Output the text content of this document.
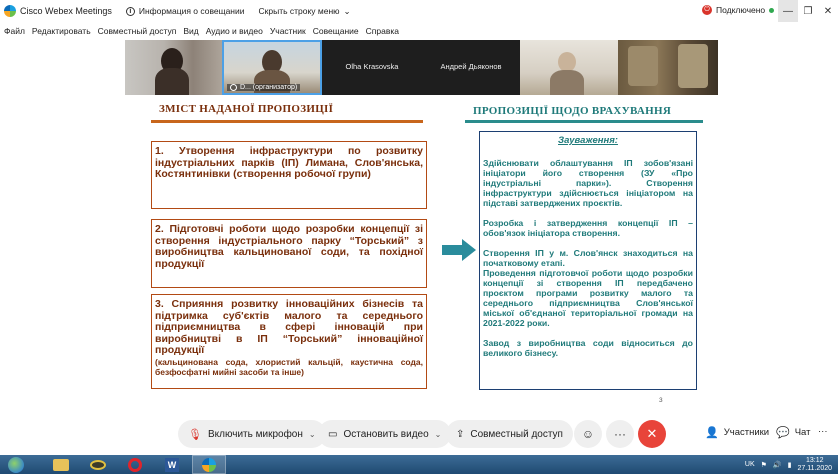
Cisco Webex Meetings	i Информация о совещании Скрыть строку меню ⌄	⏻ Подключено	—	❐	✕
Файл Редактировать Совместный доступ Вид Аудио и видео Участник Совещание Справка
D... (организатор)
Olha Krasovska	Андрей Дьяконов
ЗМІСТ НАДАНОЇ ПРОПОЗИЦІЇ	ПРОПОЗИЦІЇ ЩОДО ВРАХУВАННЯ
1. Утворення інфраструктури по розвитку індустріальних парків (ІП) Лимана, Слов'янська, Костянтинівки (створення робочої групи)
2. Підготовчі роботи щодо розробки концепції зі створення індустріального парку “Торський” з виробництва кальцинованої соди, та похідної продукції
3. Сприяння розвитку інноваційних бізнесів та підтримка суб'єктів малого та середнього підприємництва в сфері інновацій при виробництві в ІП “Торський” інноваційної продукції
(кальцинована сода, хлористий кальцій, каустична сода, безфосфатні мийні засоби та інше)
Зауваження:

Здійснювати облаштування ІП зобов'язані ініціатори його створення (ЗУ «Про індустріальні парки»). Створення інфраструктури здійснюється ініціатором на підставі затверджених проєктів.

Розробка і затвердження концепції ІП – обов'язок ініціатора створення.

Створення ІП у м. Слов'янск знаходиться на початковому етапі.

Проведення підготовчої роботи щодо розробки концепції зі створення ІП передбачено проєктом програми розвитку малого та середнього підприємництва Слов'янської міської об'єднаної територіальної громади на 2021-2022 роки.

Завод з виробництва соди відноситься до великого бізнесу.

3
🎙 Включить микрофон ⌄ ▭ Остановить видео ⌄ ⇪ Совместный доступ ☺ ··· ✕	👤 Участники 💬 Чат ···
W	UK ⚑ 🔊 ▮
13:12
27.11.2020
